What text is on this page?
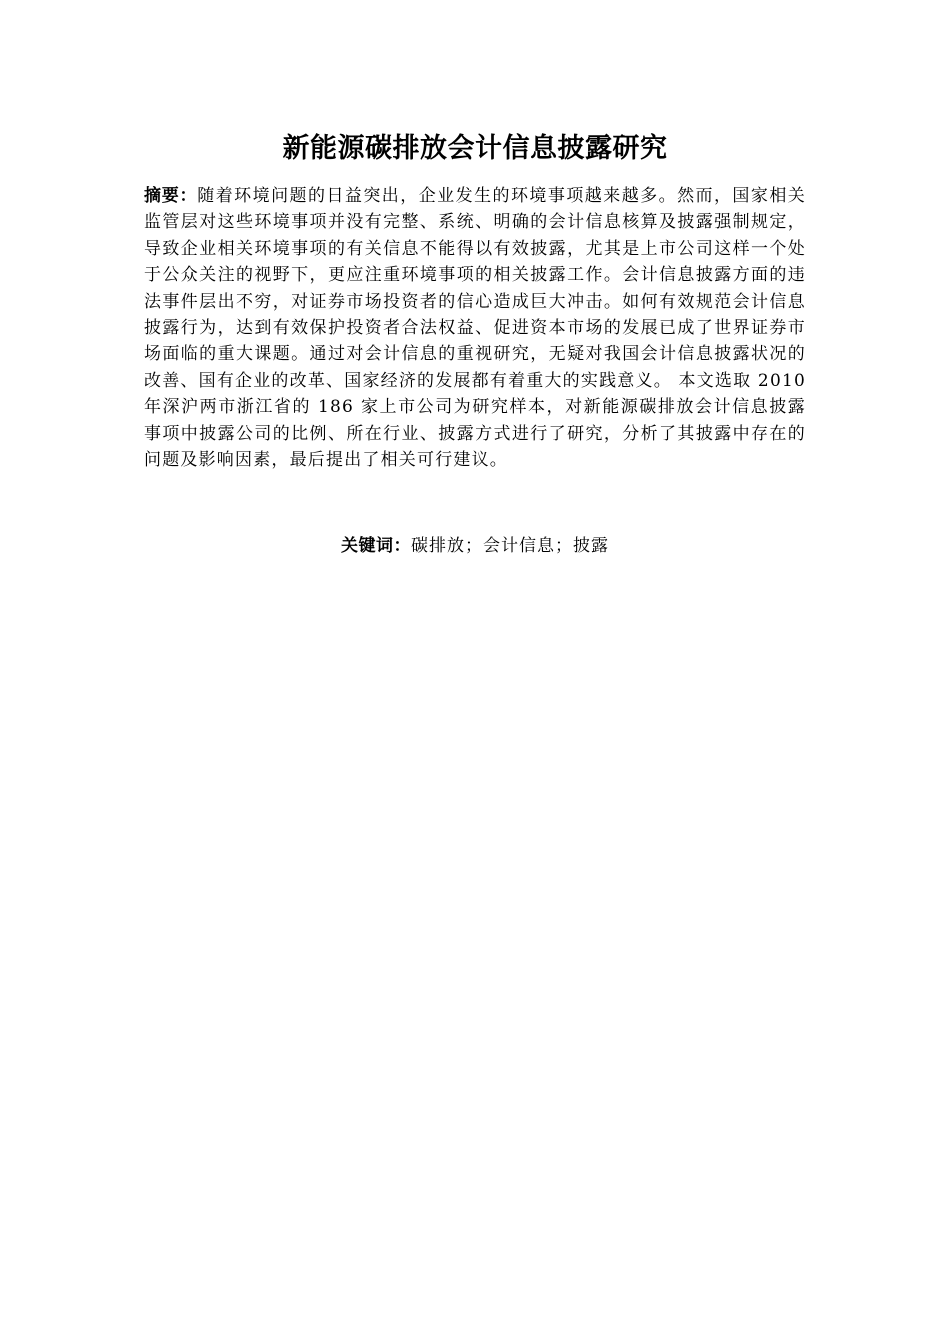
新能源碳排放会计信息披露研究

摘要：随着环境问题的日益突出，企业发生的环境事项越来越多。然而，国家相关监管层对这些环境事项并没有完整、系统、明确的会计信息核算及披露强制规定，导致企业相关环境事项的有关信息不能得以有效披露，尤其是上市公司这样一个处于公众关注的视野下，更应注重环境事项的相关披露工作。会计信息披露方面的违法事件层出不穷，对证券市场投资者的信心造成巨大冲击。如何有效规范会计信息披露行为，达到有效保护投资者合法权益、促进资本市场的发展已成了世界证券市场面临的重大课题。通过对会计信息的重视研究，无疑对我国会计信息披露状况的改善、国有企业的改革、国家经济的发展都有着重大的实践意义。 本文选取 2010 年深沪两市浙江省的 186 家上市公司为研究样本，对新能源碳排放会计信息披露事项中披露公司的比例、所在行业、披露方式进行了研究，分析了其披露中存在的问题及影响因素，最后提出了相关可行建议。

关键词：碳排放；会计信息；披露
